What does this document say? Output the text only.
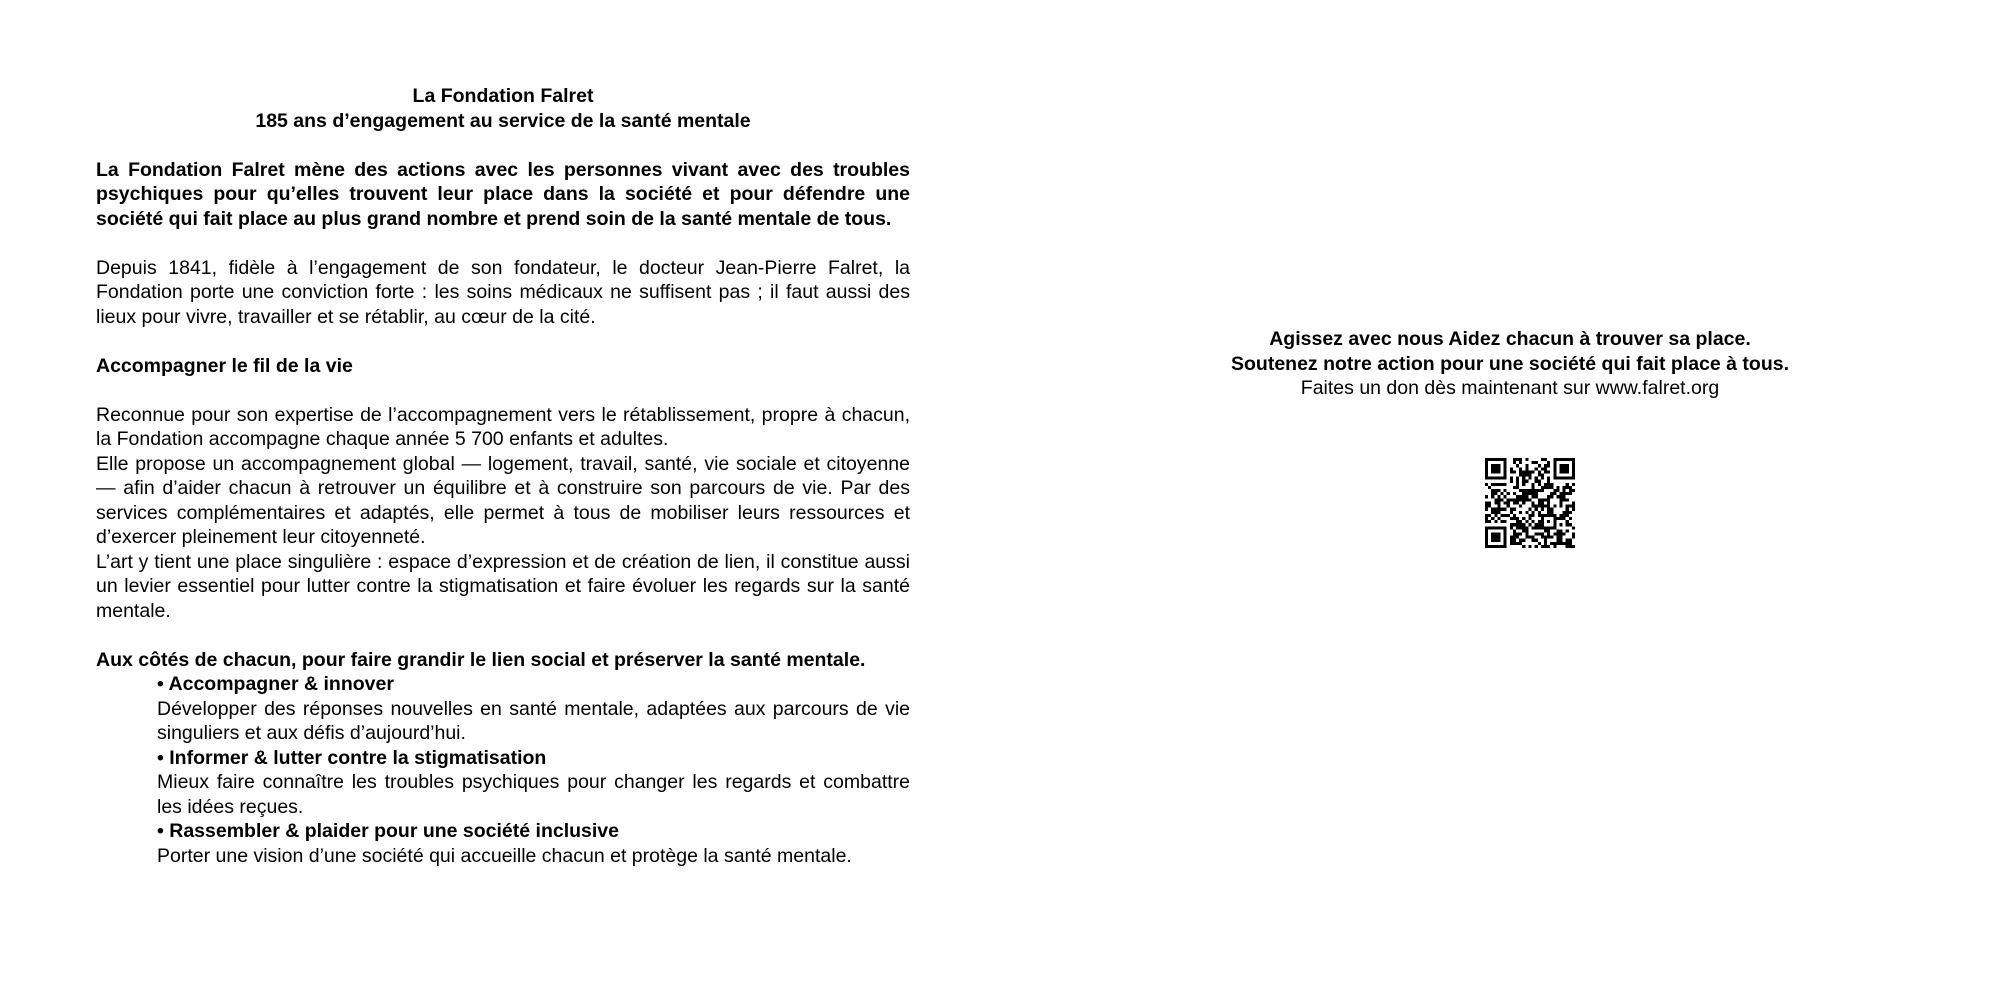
La Fondation Falret
185 ans d’engagement au service de la santé mentale

La Fondation Falret mène des actions avec les personnes vivant avec des troubles psychiques pour qu’elles trouvent leur place dans la société et pour défendre une société qui fait place au plus grand nombre et prend soin de la santé mentale de tous.

Depuis 1841, fidèle à l’engagement de son fondateur, le docteur Jean-Pierre Falret, la Fondation porte une conviction forte : les soins médicaux ne suffisent pas ; il faut aussi des lieux pour vivre, travailler et se rétablir, au cœur de la cité.

Accompagner le fil de la vie

Reconnue pour son expertise de l’accompagnement vers le rétablissement, propre à chacun, la Fondation accompagne chaque année 5 700 enfants et adultes.

Elle propose un accompagnement global — logement, travail, santé, vie sociale et citoyenne — afin d’aider chacun à retrouver un équilibre et à construire son parcours de vie. Par des services complémentaires et adaptés, elle permet à tous de mobiliser leurs ressources et d’exercer pleinement leur citoyenneté.

L’art y tient une place singulière : espace d’expression et de création de lien, il constitue aussi un levier essentiel pour lutter contre la stigmatisation et faire évoluer les regards sur la santé mentale.

Aux côtés de chacun, pour faire grandir le lien social et préserver la santé mentale.

• Accompagner & innover

Développer des réponses nouvelles en santé mentale, adaptées aux parcours de vie singuliers et aux défis d’aujourd’hui.

• Informer & lutter contre la stigmatisation

Mieux faire connaître les troubles psychiques pour changer les regards et combattre les idées reçues.

• Rassembler & plaider pour une société inclusive

Porter une vision d’une société qui accueille chacun et protège la santé mentale.

Agissez avec nous Aidez chacun à trouver sa place.
Soutenez notre action pour une société qui fait place à tous.
Faites un don dès maintenant sur www.falret.org
